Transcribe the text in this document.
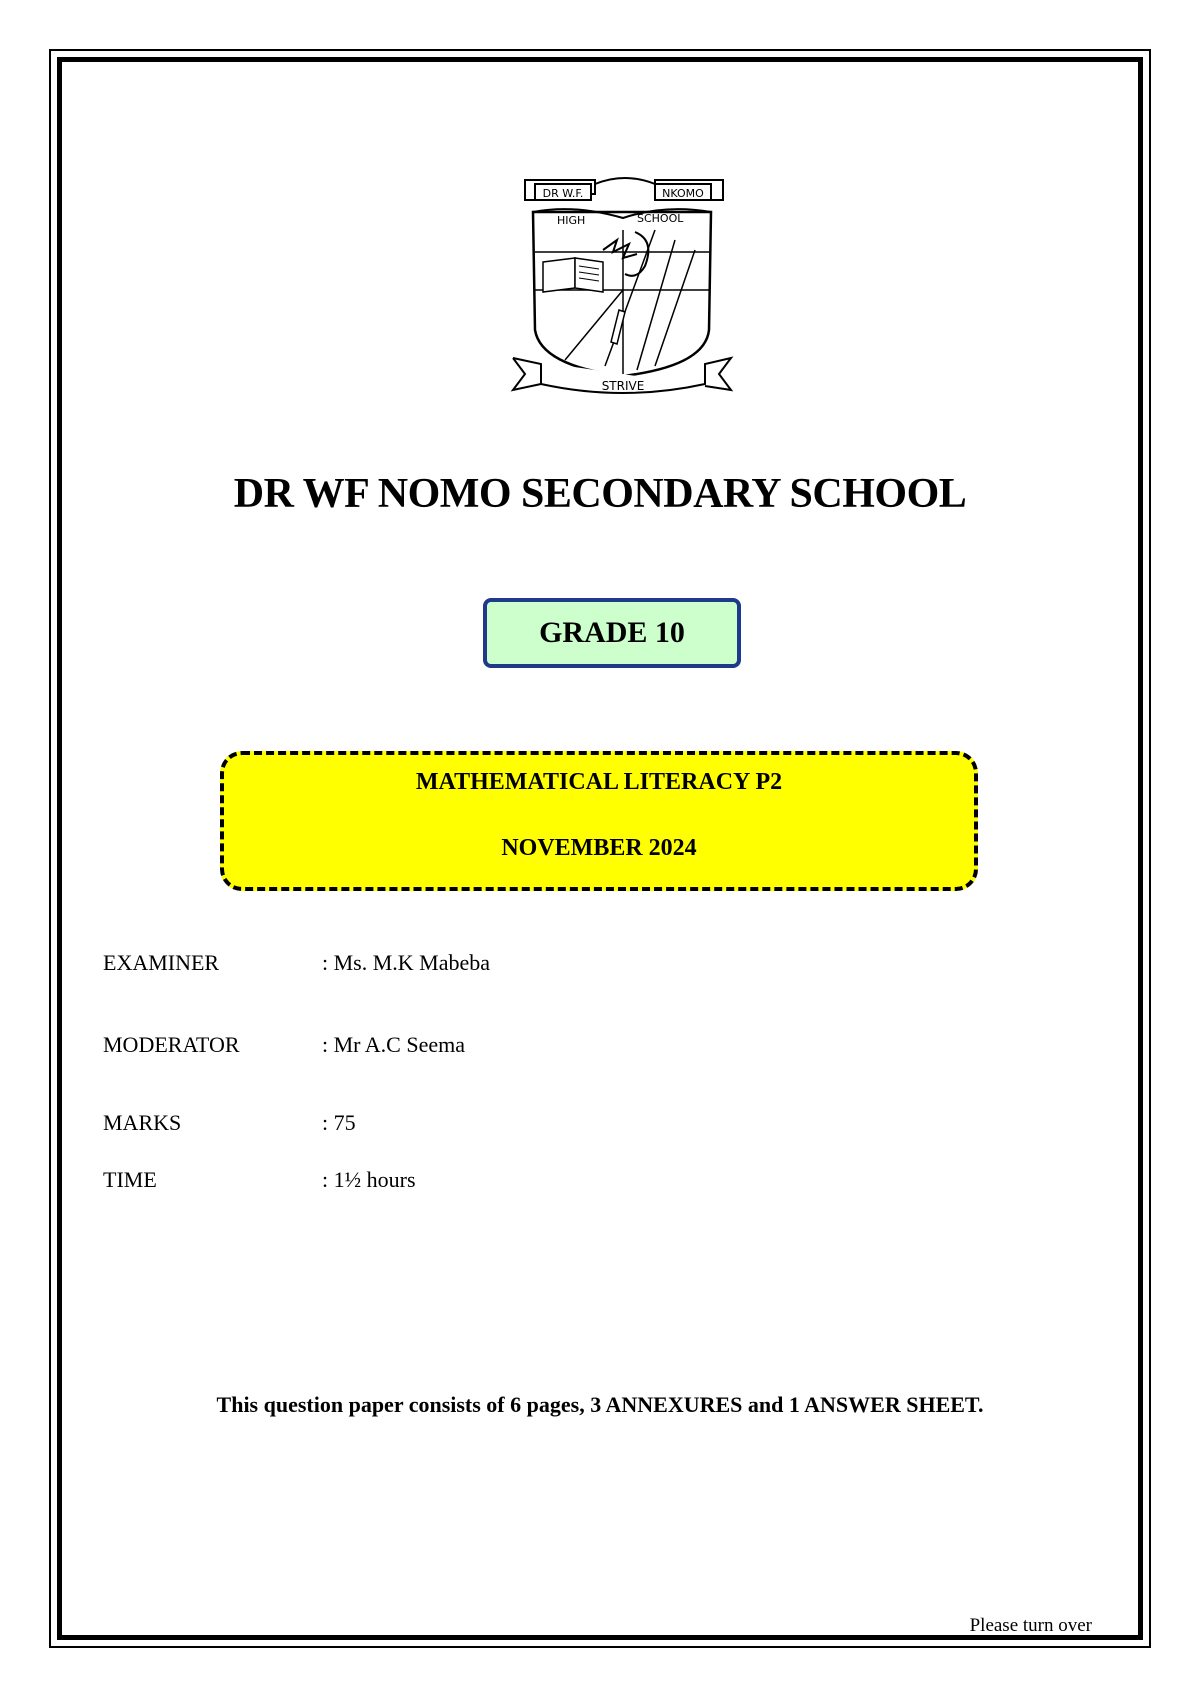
DR W.F.	NKOMO
HIGH	SCHOOL
STRIVE
DR WF NOMO SECONDARY SCHOOL
GRADE 10
MATHEMATICAL LITERACY P2
NOVEMBER 2024
EXAMINER	: Ms. M.K Mabeba
MODERATOR	: Mr A.C Seema
MARKS	: 75
TIME	: 1½ hours
This question paper consists of 6 pages, 3 ANNEXURES and 1 ANSWER SHEET.
Please turn over
